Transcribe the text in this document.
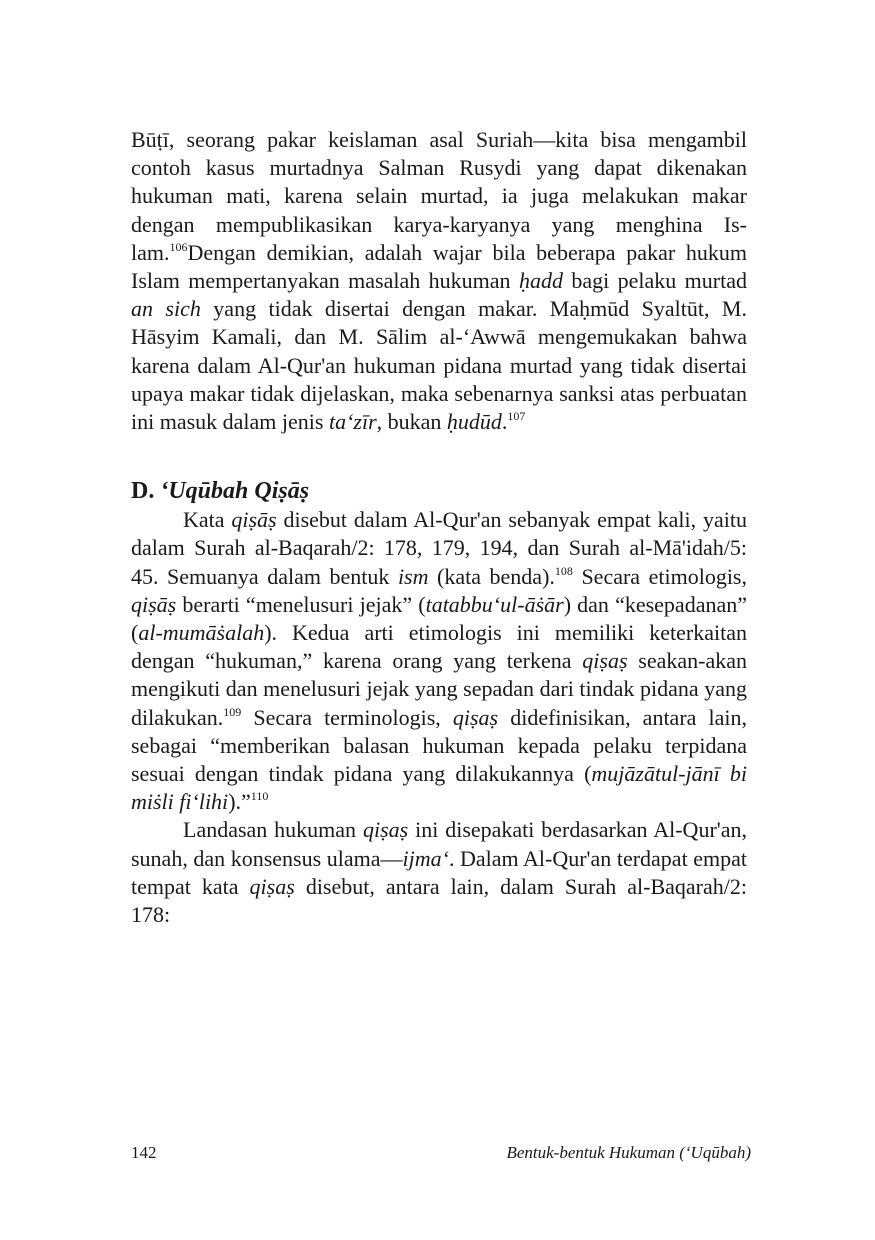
Būṭī, seorang pakar keislaman asal Suriah—kita bisa mengambil contoh kasus murtadnya Salman Rusydi yang dapat dikenakan hukuman mati, karena selain murtad, ia juga melakukan makar dengan mempublikasikan karya-karyanya yang menghina Islam.$^{106}$Dengan demikian, adalah wajar bila beberapa pakar hukum Islam mempertanyakan masalah hukuman ḥadd bagi pelaku murtad an sich yang tidak disertai dengan makar. Maḥmūd Syaltūt, M. Hāsyim Kamali, dan M. Sālim al-‘Awwā mengemukakan bahwa karena dalam Al-Qur'an hukuman pidana murtad yang tidak disertai upaya makar tidak dijelaskan, maka sebenarnya sanksi atas perbuatan ini masuk dalam jenis ta‘zīr, bukan ḥudūd.$^{107}$

D. ‘Uqūbah Qiṣāṣ

Kata qiṣāṣ disebut dalam Al-Qur'an sebanyak empat kali, yaitu dalam Surah al-Baqarah/2: 178, 179, 194, dan Surah al-Mā'idah/5: 45. Semuanya dalam bentuk ism (kata benda).$^{108}$ Secara etimologis, qiṣāṣ berarti “menelusuri jejak” (tatabbu‘ul-āṡār) dan “kesepadanan” (al-mumāṡalah). Kedua arti etimologis ini memiliki keterkaitan dengan “hukuman,” karena orang yang terkena qiṣaṣ seakan-akan mengikuti dan menelusuri jejak yang sepadan dari tindak pidana yang dilakukan.$^{109}$ Secara terminologis, qiṣaṣ didefinisikan, antara lain, sebagai “memberikan balasan hukuman kepada pelaku terpidana sesuai dengan tindak pidana yang dilakukannya (mujāzātul-jānī bi miṡli fi‘lihi).”$^{110}$

Landasan hukuman qiṣaṣ ini disepakati berdasarkan Al-Qur'an, sunah, dan konsensus ulama—ijma‘. Dalam Al-Qur'an terdapat empat tempat kata qiṣaṣ disebut, antara lain, dalam Surah al-Baqarah/2: 178:

142	Bentuk-bentuk Hukuman (‘Uqūbah)
